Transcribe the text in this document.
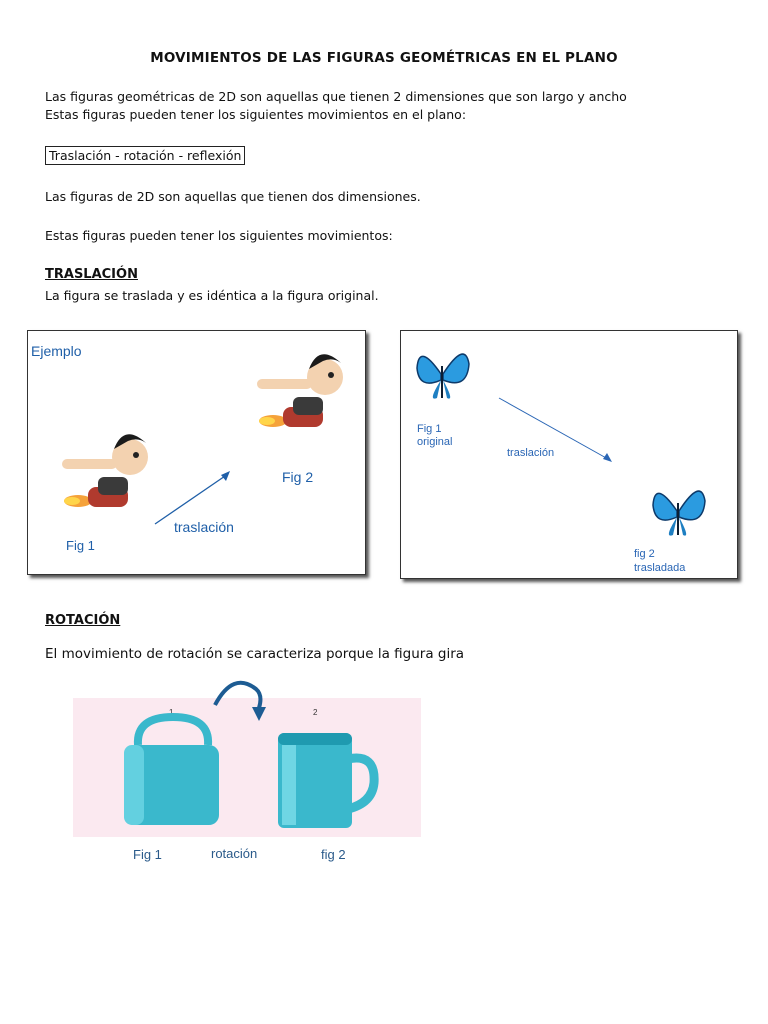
MOVIMIENTOS DE LAS FIGURAS GEOMÉTRICAS EN EL PLANO
Las figuras geométricas de 2D son aquellas que tienen 2 dimensiones que son largo y ancho
Estas figuras pueden tener los siguientes movimientos en el plano:
Traslación - rotación - reflexión
Las figuras de 2D son aquellas que tienen dos dimensiones.
Estas figuras pueden tener los siguientes movimientos:
TRASLACIÓN
La figura se traslada y es idéntica a la figura original.
Ejemplo
Fig 1
traslación
Fig 2
Fig 1
original
traslación
fig 2
trasladada
ROTACIÓN
El movimiento de rotación se caracteriza porque la figura gira
1	2
Fig 1	rotación	fig 2
